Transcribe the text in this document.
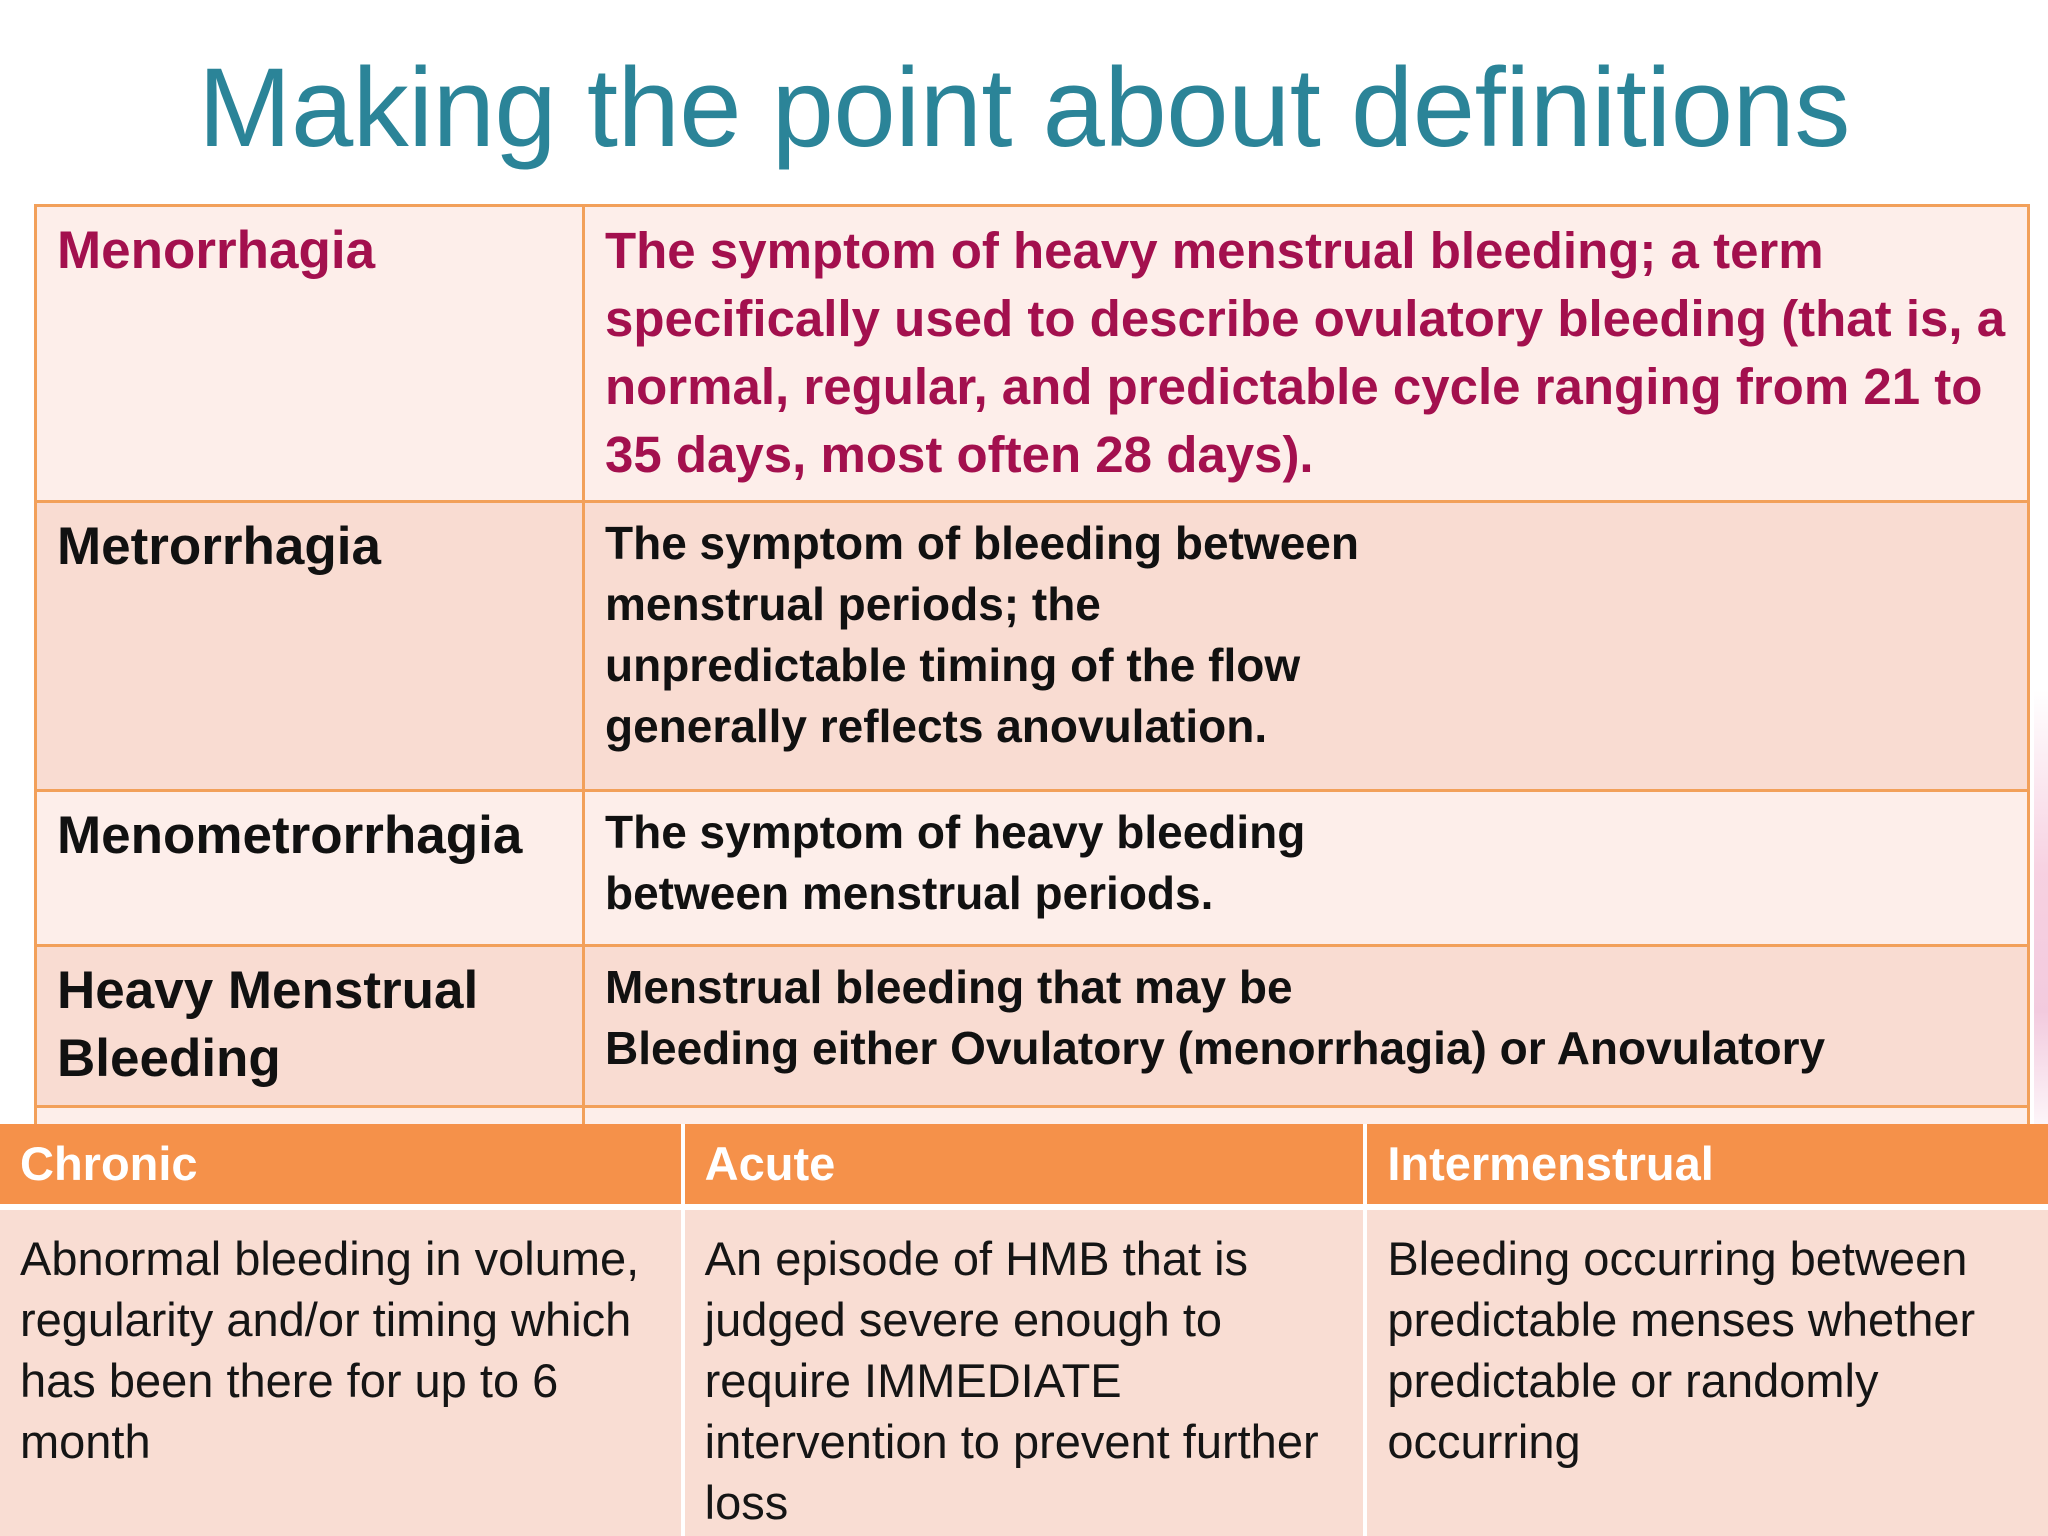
Making the point about definitions
Menorrhagia	The symptom of heavy menstrual bleeding; a term specifically used to describe ovulatory bleeding (that is, a normal, regular, and predictable cycle ranging from 21 to 35 days, most often 28 days).
Metrorrhagia	The symptom of bleeding between
menstrual periods; the
unpredictable timing of the flow
generally reflects anovulation.

Menometrorrhagia	The symptom of heavy bleeding
between menstrual periods.

Heavy Menstrual Bleeding	Menstrual bleeding that may be
Bleeding either Ovulatory (menorrhagia) or Anovulatory

Chronic	Acute	Intermenstrual
Abnormal bleeding in volume, regularity and/or timing which has been there for up to 6 month	An episode of HMB that is judged severe enough to require IMMEDIATE intervention to prevent further loss	Bleeding occurring between predictable menses whether predictable or randomly occurring
